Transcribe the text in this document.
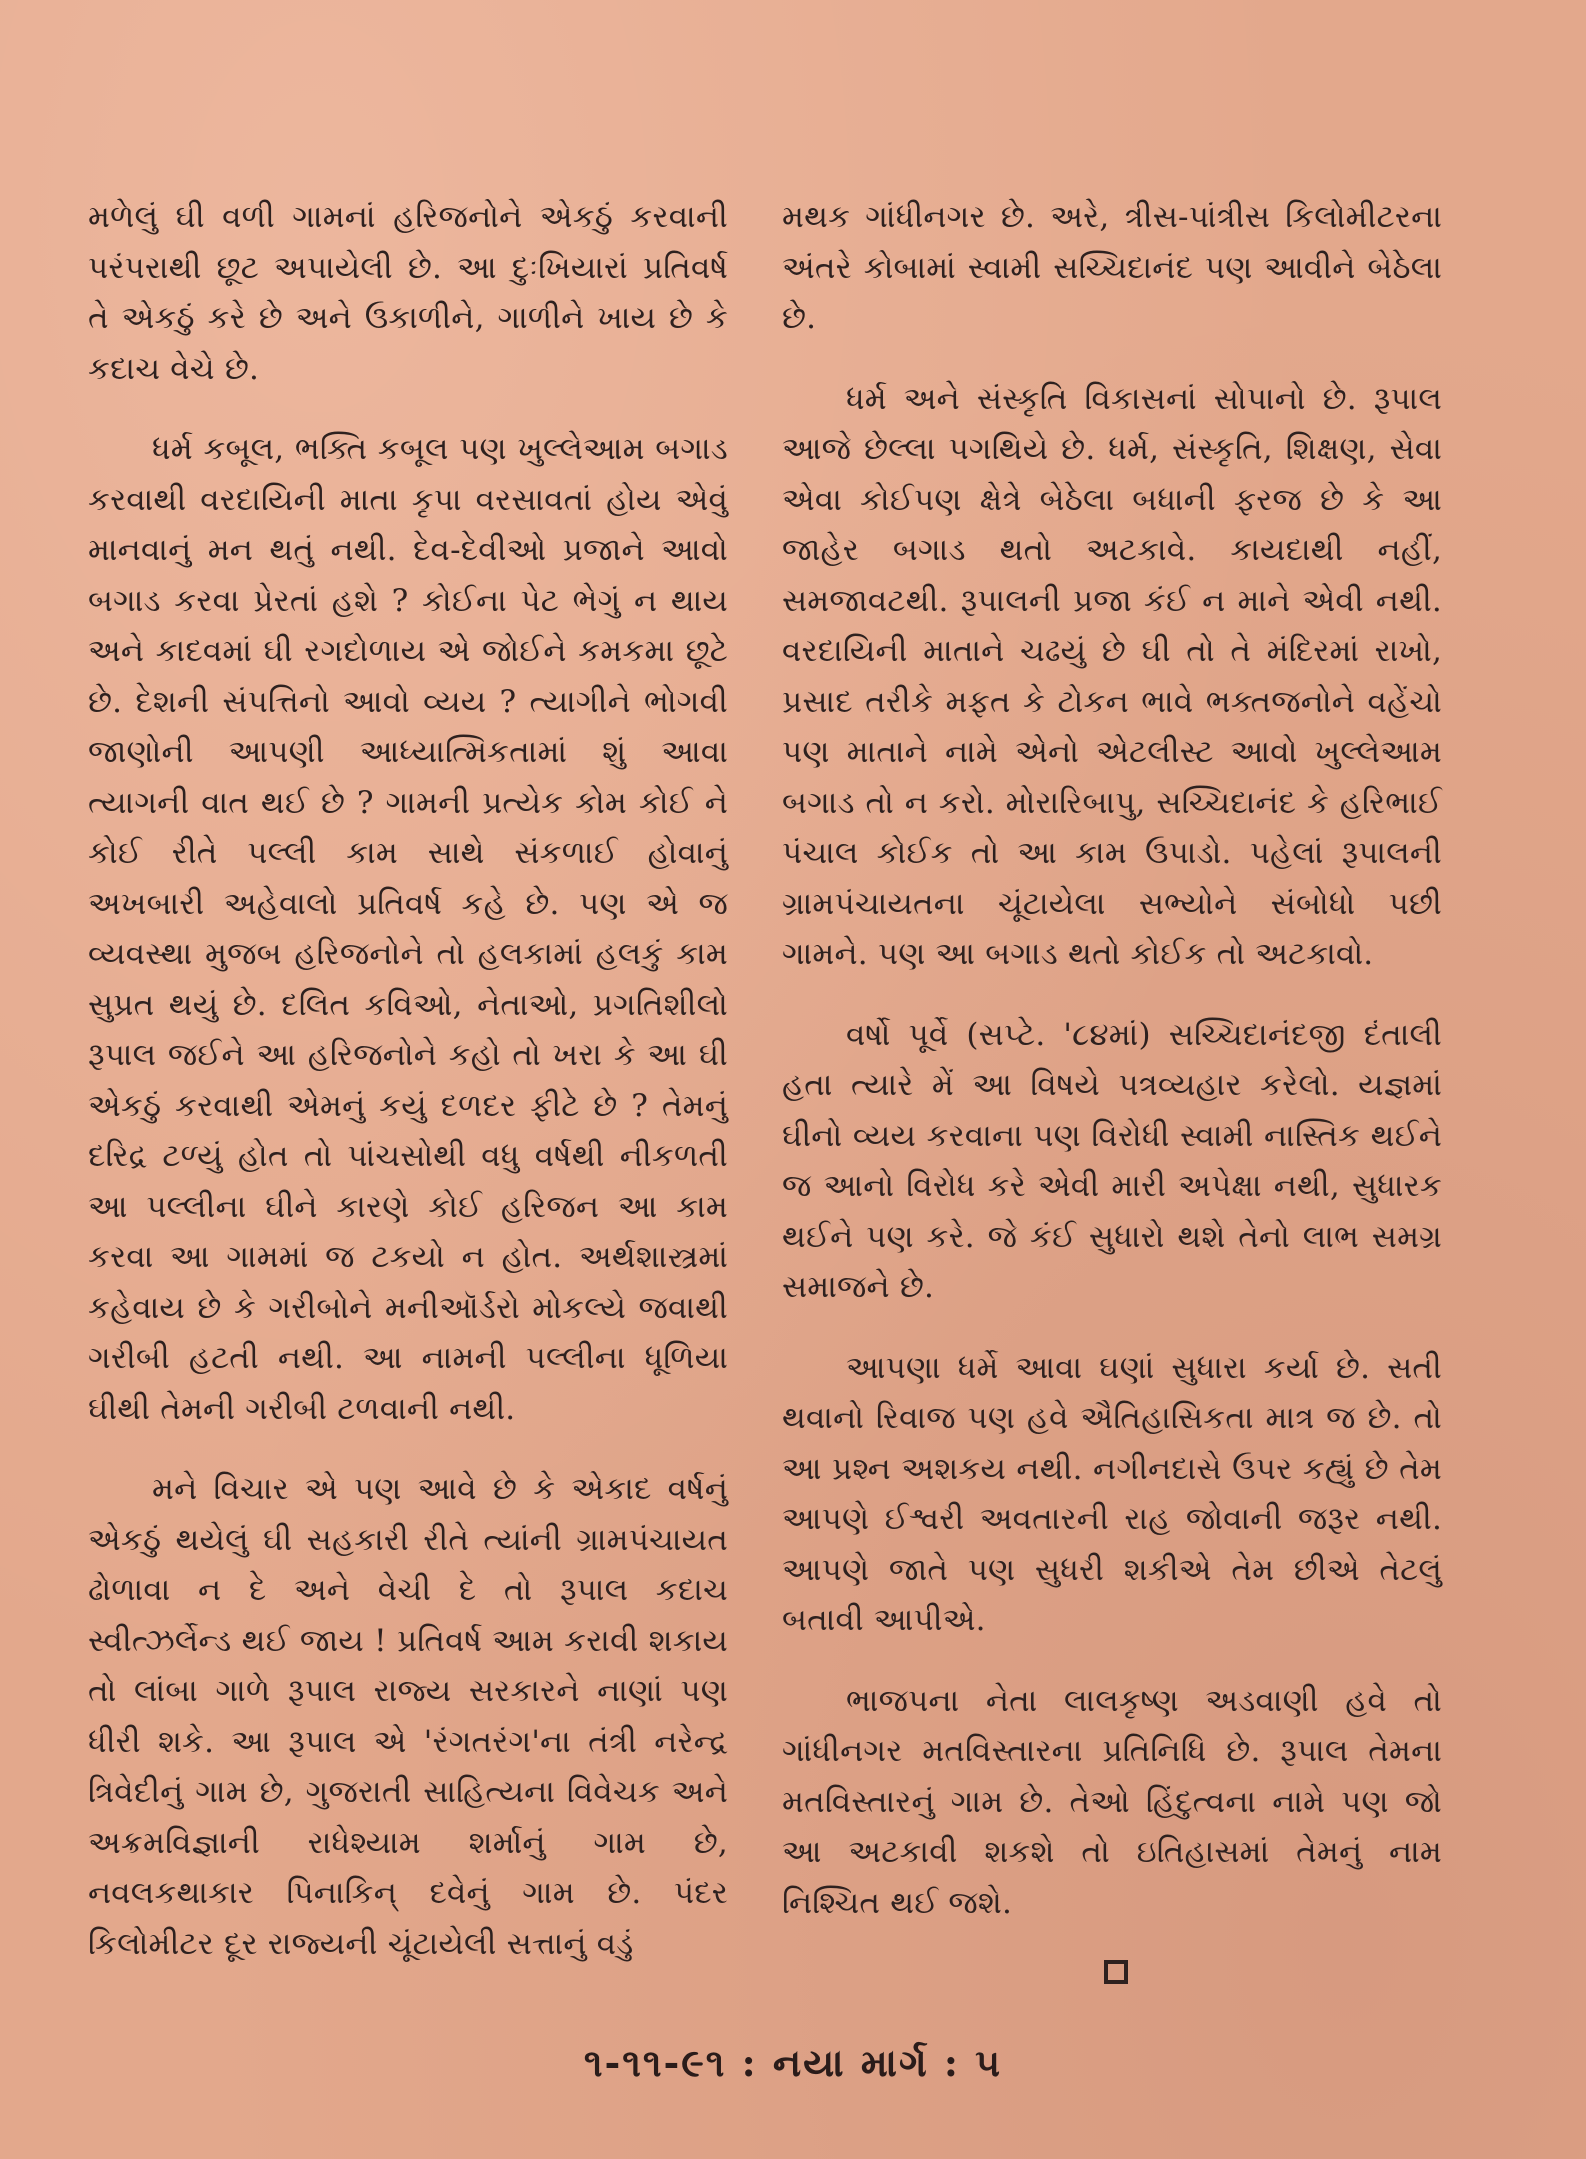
મળેલું ઘી વળી ગામનાં હરિજનોને એકઠું કરવાની પરંપરાથી છૂટ અપાયેલી છે. આ દુઃખિયારાં પ્રતિવર્ષ તે એકઠું કરે છે અને ઉકાળીને, ગાળીને ખાય છે કે કદાચ વેચે છે.

ધર્મ કબૂલ, ભક્તિ કબૂલ પણ ખુલ્લેઆમ બગાડ કરવાથી વરદાયિની માતા કૃપા વરસાવતાં હોય એવું માનવાનું મન થતું નથી. દેવ-દેવીઓ પ્રજાને આવો બગાડ કરવા પ્રેરતાં હશે ? કોઈના પેટ ભેગું ન થાય અને કાદવમાં ઘી રગદોળાય એ જોઈને કમકમા છૂટે છે. દેશની સંપત્તિનો આવો વ્યય ? ત્યાગીને ભોગવી જાણોની આપણી આધ્યાત્મિકતામાં શું આવા ત્યાગની વાત થઈ છે ? ગામની પ્રત્યેક કોમ કોઈ ને કોઈ રીતે પલ્લી કામ સાથે સંકળાઈ હોવાનું અખબારી અહેવાલો પ્રતિવર્ષ કહે છે. પણ એ જ વ્યવસ્થા મુજબ હરિજનોને તો હલકામાં હલકું કામ સુપ્રત થયું છે. દલિત કવિઓ, નેતાઓ, પ્રગતિશીલો રૂપાલ જઈને આ હરિજનોને કહો તો ખરા કે આ ઘી એકઠું કરવાથી એમનું કયું દળદર ફીટે છે ? તેમનું દરિદ્ર ટળ્યું હોત તો પાંચસોથી વધુ વર્ષથી નીકળતી આ પલ્લીના ઘીને કારણે કોઈ હરિજન આ કામ કરવા આ ગામમાં જ ટકયો ન હોત. અર્થશાસ્ત્રમાં કહેવાય છે કે ગરીબોને મનીઑર્ડરો મોકલ્યે જવાથી ગરીબી હટતી નથી. આ નામની પલ્લીના ધૂળિયા ઘીથી તેમની ગરીબી ટળવાની નથી.

મને વિચાર એ પણ આવે છે કે એકાદ વર્ષનું એકઠું થયેલું ઘી સહકારી રીતે ત્યાંની ગ્રામપંચાયત ઢોળાવા ન દે અને વેચી દે તો રૂપાલ કદાચ સ્વીત્ઝર્લેન્ડ થઈ જાય ! પ્રતિવર્ષ આમ કરાવી શકાય તો લાંબા ગાળે રૂપાલ રાજ્ય સરકારને નાણાં પણ ધીરી શકે. આ રૂપાલ એ 'રંગતરંગ'ના તંત્રી નરેન્દ્ર ત્રિવેદીનું ગામ છે, ગુજરાતી સાહિત્યના વિવેચક અને અક્રમવિજ્ઞાની રાધેશ્યામ શર્માનું ગામ છે, નવલકથાકાર પિનાકિન્ દવેનું ગામ છે. પંદર કિલોમીટર દૂર રાજ્યની ચૂંટાયેલી સત્તાનું વડું

મથક ગાંધીનગર છે. અરે, ત્રીસ-પાંત્રીસ કિલોમીટરના અંતરે કોબામાં સ્વામી સચ્ચિદાનંદ પણ આવીને બેઠેલા છે.

ધર્મ અને સંસ્કૃતિ વિકાસનાં સોપાનો છે. રૂપાલ આજે છેલ્લા પગથિયે છે. ધર્મ, સંસ્કૃતિ, શિક્ષણ, સેવા એવા કોઈપણ ક્ષેત્રે બેઠેલા બધાની ફરજ છે કે આ જાહેર બગાડ થતો અટકાવે. કાયદાથી નહીં, સમજાવટથી. રૂપાલની પ્રજા કંઈ ન માને એવી નથી. વરદાયિની માતાને ચઢયું છે ઘી તો તે મંદિરમાં રાખો, પ્રસાદ તરીકે મફત કે ટોકન ભાવે ભક્તજનોને વહેંચો પણ માતાને નામે એનો એટલીસ્ટ આવો ખુલ્લેઆમ બગાડ તો ન કરો. મોરારિબાપુ, સચ્ચિદાનંદ કે હરિભાઈ પંચાલ કોઈક તો આ કામ ઉપાડો. પહેલાં રૂપાલની ગ્રામપંચાયતના ચૂંટાયેલા સભ્યોને સંબોધો પછી ગામને. પણ આ બગાડ થતો કોઈક તો અટકાવો.

વર્ષો પૂર્વે (સપ્ટે. '૮૪માં) સચ્ચિદાનંદજી દંતાલી હતા ત્યારે મેં આ વિષયે પત્રવ્યહાર કરેલો. યજ્ઞમાં ઘીનો વ્યય કરવાના પણ વિરોધી સ્વામી નાસ્તિક થઈને જ આનો વિરોધ કરે એવી મારી અપેક્ષા નથી, સુધારક થઈને પણ કરે. જે કંઈ સુધારો થશે તેનો લાભ સમગ્ર સમાજને છે.

આપણા ધર્મે આવા ઘણાં સુધારા કર્યા છે. સતી થવાનો રિવાજ પણ હવે ઐતિહાસિકતા માત્ર જ છે. તો આ પ્રશ્ન અશકય નથી. નગીનદાસે ઉપર કહ્યું છે તેમ આપણે ઈશ્વરી અવતારની રાહ જોવાની જરૂર નથી. આપણે જાતે પણ સુધરી શકીએ તેમ છીએ તેટલું બતાવી આપીએ.

ભાજપના નેતા લાલકૃષ્ણ અડવાણી હવે તો ગાંધીનગર મતવિસ્તારના પ્રતિનિધિ છે. રૂપાલ તેમના મતવિસ્તારનું ગામ છે. તેઓ હિંદુત્વના નામે પણ જો આ અટકાવી શકશે તો ઇતિહાસમાં તેમનું નામ નિશ્ચિત થઈ જશે.

૧-૧૧-૯૧ : નયા માર્ગ : ૫
